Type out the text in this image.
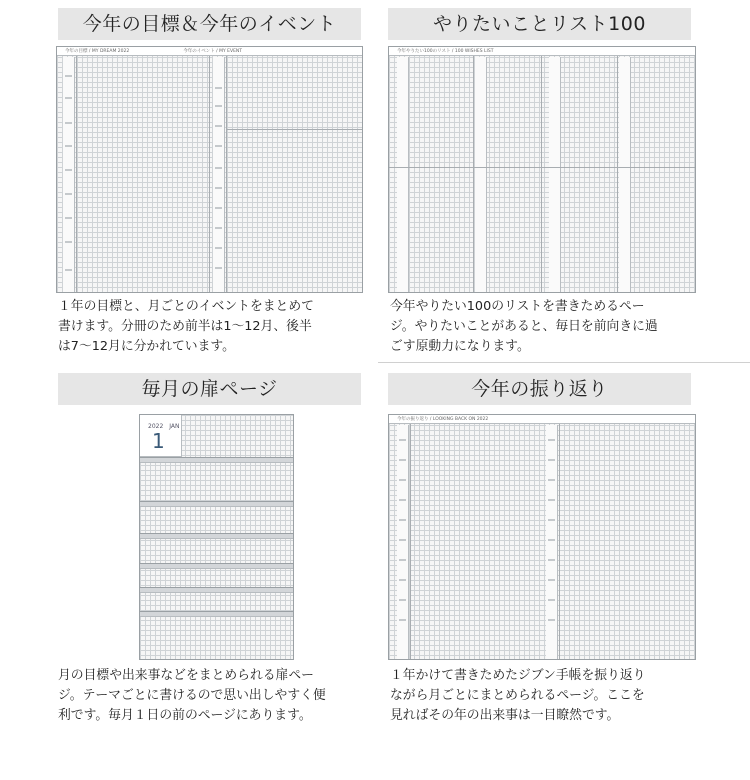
今年の目標＆今年のイベント
今年の目標 / MY DREAM 2022　　　　　　　　　　　　今年のイベント / MY EVENT
１年の目標と、月ごとのイベントをまとめて
書けます。分冊のため前半は1〜12月、後半
は7〜12月に分かれています。
やりたいことリスト100
今年やりたい100のリスト / 100 WISHES LIST
今年やりたい100のリストを書きためるペー
ジ。やりたいことがあると、毎日を前向きに過
ごす原動力になります。
毎月の扉ページ
2022　JAN
1
月の目標や出来事などをまとめられる扉ペー
ジ。テーマごとに書けるので思い出しやすく便
利です。毎月１日の前のページにあります。
今年の振り返り
今年の振り返り / LOOKING BACK ON 2022
１年かけて書きためたジブン手帳を振り返り
ながら月ごとにまとめられるページ。ここを
見ればその年の出来事は一目瞭然です。
